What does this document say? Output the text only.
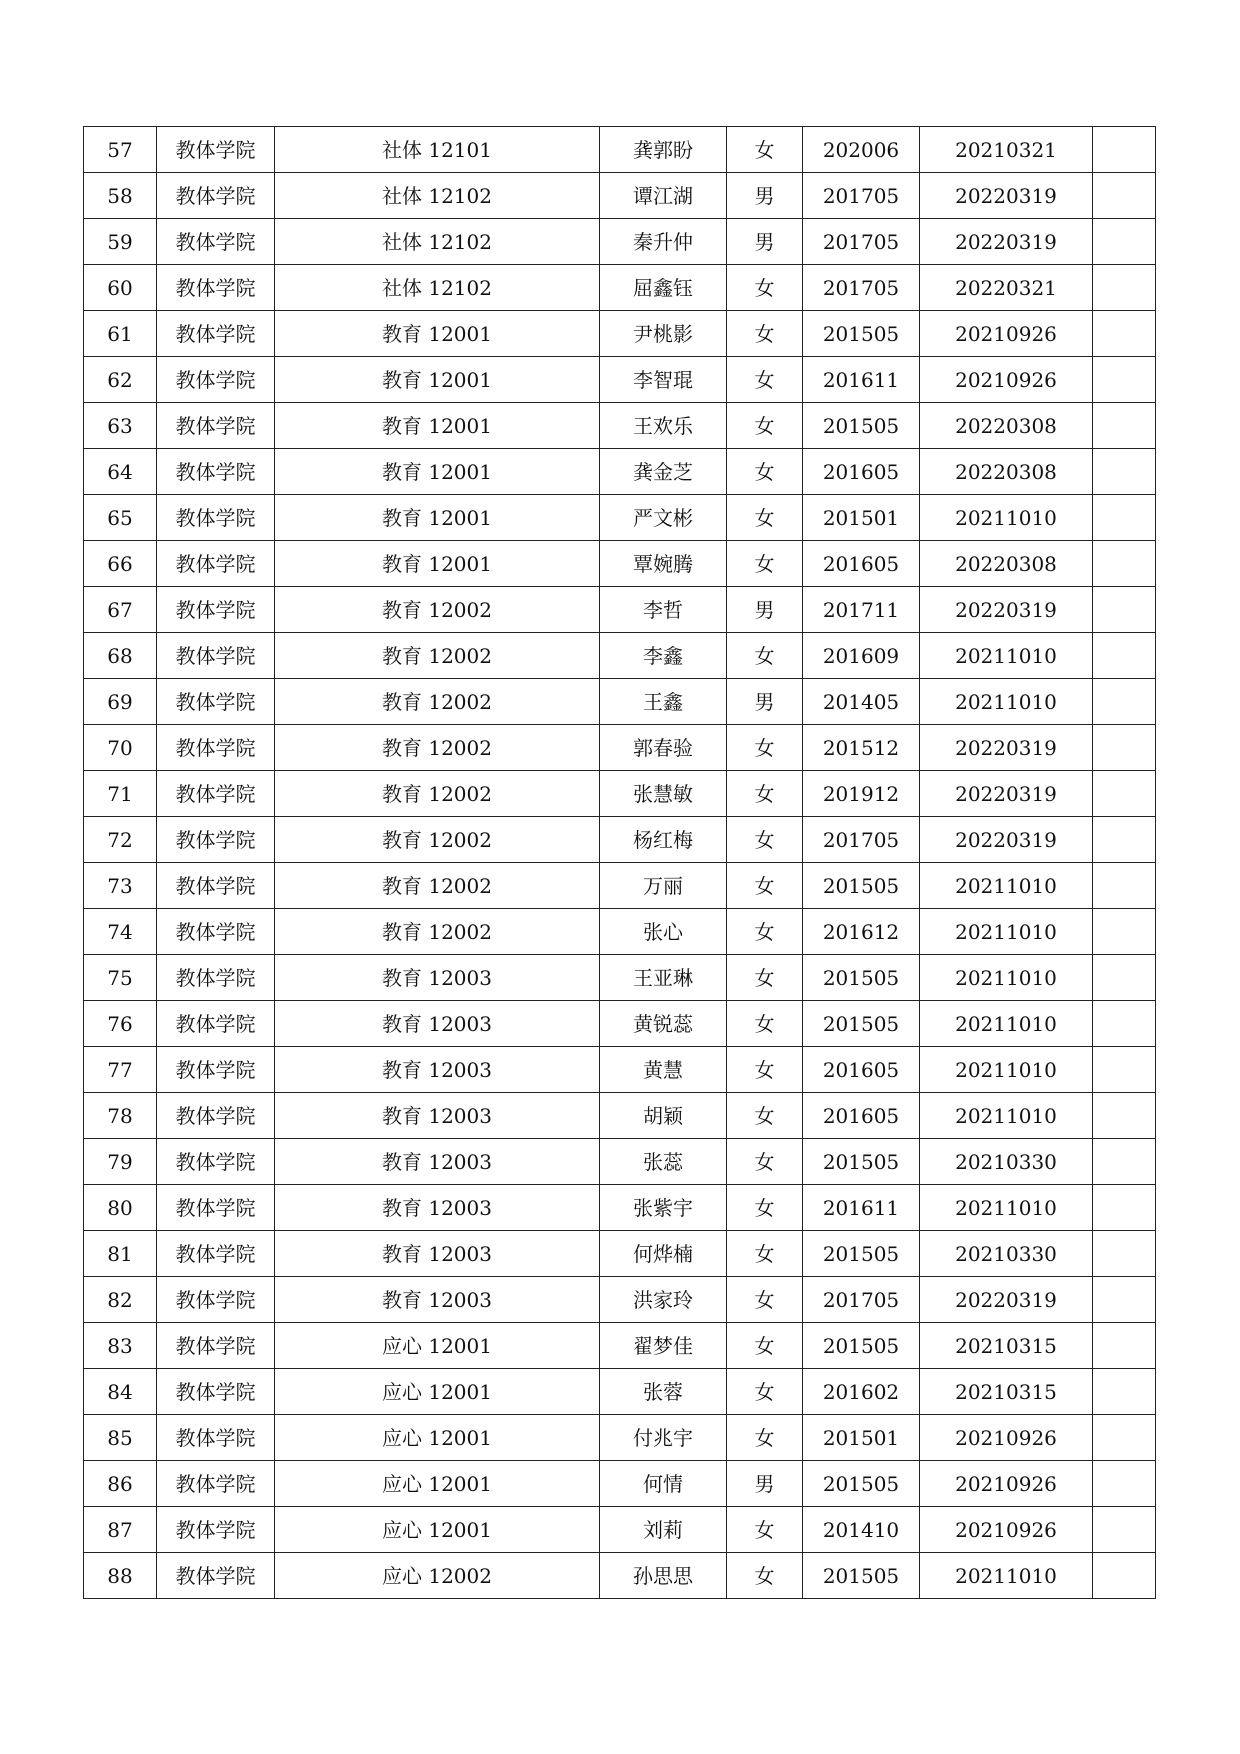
57	教体学院	社体 12101	龚郭盼	女	202006	20210321	
58	教体学院	社体 12102	谭江湖	男	201705	20220319	
59	教体学院	社体 12102	秦升仲	男	201705	20220319	
60	教体学院	社体 12102	屈鑫钰	女	201705	20220321	
61	教体学院	教育 12001	尹桃影	女	201505	20210926	
62	教体学院	教育 12001	李智琨	女	201611	20210926	
63	教体学院	教育 12001	王欢乐	女	201505	20220308	
64	教体学院	教育 12001	龚金芝	女	201605	20220308	
65	教体学院	教育 12001	严文彬	女	201501	20211010	
66	教体学院	教育 12001	覃婉腾	女	201605	20220308	
67	教体学院	教育 12002	李哲	男	201711	20220319	
68	教体学院	教育 12002	李鑫	女	201609	20211010	
69	教体学院	教育 12002	王鑫	男	201405	20211010	
70	教体学院	教育 12002	郭春验	女	201512	20220319	
71	教体学院	教育 12002	张慧敏	女	201912	20220319	
72	教体学院	教育 12002	杨红梅	女	201705	20220319	
73	教体学院	教育 12002	万丽	女	201505	20211010	
74	教体学院	教育 12002	张心	女	201612	20211010	
75	教体学院	教育 12003	王亚琳	女	201505	20211010	
76	教体学院	教育 12003	黄锐蕊	女	201505	20211010	
77	教体学院	教育 12003	黄慧	女	201605	20211010	
78	教体学院	教育 12003	胡颖	女	201605	20211010	
79	教体学院	教育 12003	张蕊	女	201505	20210330	
80	教体学院	教育 12003	张紫宇	女	201611	20211010	
81	教体学院	教育 12003	何烨楠	女	201505	20210330	
82	教体学院	教育 12003	洪家玲	女	201705	20220319	
83	教体学院	应心 12001	翟梦佳	女	201505	20210315	
84	教体学院	应心 12001	张蓉	女	201602	20210315	
85	教体学院	应心 12001	付兆宇	女	201501	20210926	
86	教体学院	应心 12001	何情	男	201505	20210926	
87	教体学院	应心 12001	刘莉	女	201410	20210926	
88	教体学院	应心 12002	孙思思	女	201505	20211010	
